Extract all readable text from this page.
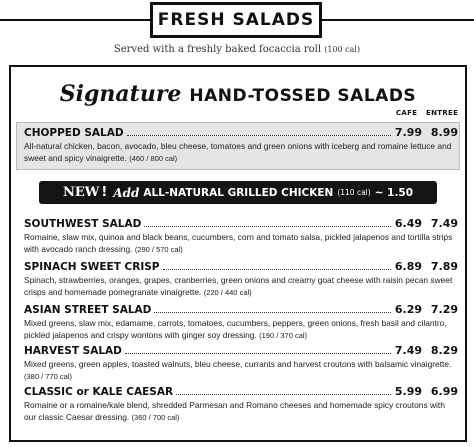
FRESH SALADS
Served with a freshly baked focaccia roll (100 cal)
Signature HAND-TOSSED SALADS
CAFE ENTREE
CHOPPED SALAD	7.99 8.99
All-natural chicken, bacon, avocado, bleu cheese, tomatoes and green onions with iceberg and romaine lettuce and sweet and spicy vinaigrette. (460 / 800 cal)
NEW ! Add ALL-NATURAL GRILLED CHICKEN (110 cal) ~ 1.50
SOUTHWEST SALAD	6.49 7.49
Romaine, slaw mix, quinoa and black beans, cucumbers, corn and tomato salsa, pickled jalapenos and tortilla strips with avocado ranch dressing. (290 / 570 cal)
SPINACH SWEET CRISP	6.89 7.89
Spinach, strawberries, oranges, grapes, cranberries, green onions and creamy goat cheese with raisin pecan sweet crisps and homemade pomegranate vinaigrette. (220 / 440 cal)
ASIAN STREET SALAD	6.29 7.29
Mixed greens, slaw mix, edamame, carrots, tomatoes, cucumbers, peppers, green onions, fresh basil and cilantro, pickled jalapenos and crispy wontons with ginger soy dressing. (190 / 370 cal)
HARVEST SALAD	7.49 8.29
Mixed greens, green apples, toasted walnuts, bleu cheese, currants and harvest croutons with balsamic vinaigrette. (380 / 770 cal)
CLASSIC or KALE CAESAR	5.99 6.99
Romaine or a romaine/kale blend, shredded Parmesan and Romano cheeses and homemade spicy croutons with our classic Caesar dressing. (360 / 700 cal)
